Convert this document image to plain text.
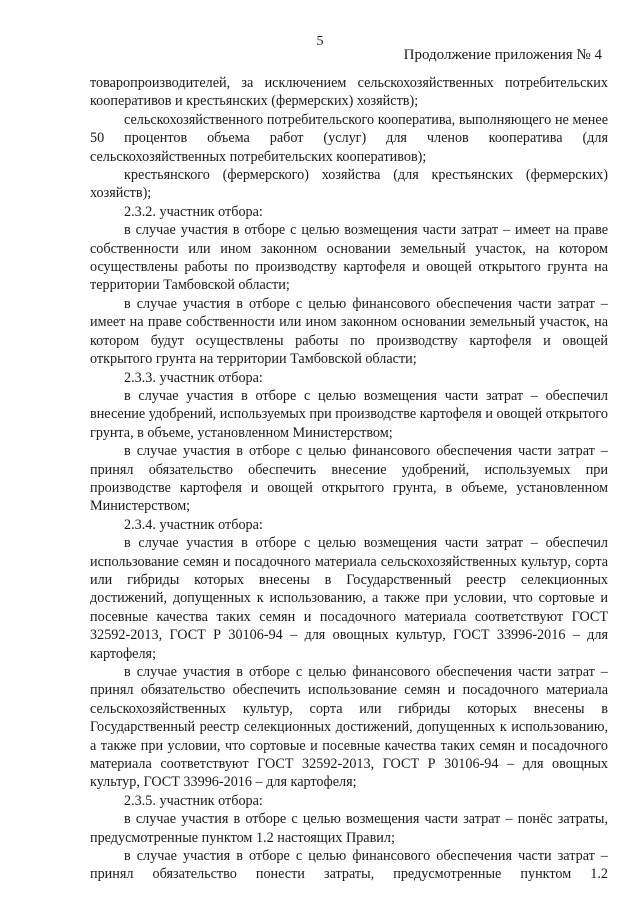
5
Продолжение приложения № 4

товаропроизводителей, за исключением сельскохозяйственных потребительских кооперативов и крестьянских (фермерских) хозяйств);

сельскохозяйственного потребительского кооператива, выполняющего не менее 50 процентов объема работ (услуг) для членов кооператива (для сельскохозяйственных потребительских кооперативов);

крестьянского (фермерского) хозяйства (для крестьянских (фермерских) хозяйств);

2.3.2. участник отбора:

в случае участия в отборе с целью возмещения части затрат – имеет на праве собственности или ином законном основании земельный участок, на котором осуществлены работы по производству картофеля и овощей открытого грунта на территории Тамбовской области;

в случае участия в отборе с целью финансового обеспечения части затрат – имеет на праве собственности или ином законном основании земельный участок, на котором будут осуществлены работы по производству картофеля и овощей открытого грунта на территории Тамбовской области;

2.3.3. участник отбора:

в случае участия в отборе с целью возмещения части затрат – обеспечил внесение удобрений, используемых при производстве картофеля и овощей открытого грунта, в объеме, установленном Министерством;

в случае участия в отборе с целью финансового обеспечения части затрат – принял обязательство обеспечить внесение удобрений, используемых при производстве картофеля и овощей открытого грунта, в объеме, установленном Министерством;

2.3.4. участник отбора:

в случае участия в отборе с целью возмещения части затрат – обеспечил использование семян и посадочного материала сельскохозяйственных культур, сорта или гибриды которых внесены в Государственный реестр селекционных достижений, допущенных к использованию, а также при условии, что сортовые и посевные качества таких семян и посадочного материала соответствуют ГОСТ 32592-2013, ГОСТ Р 30106-94 – для овощных культур, ГОСТ 33996-2016 – для картофеля;

в случае участия в отборе с целью финансового обеспечения части затрат – принял обязательство обеспечить использование семян и посадочного материала сельскохозяйственных культур, сорта или гибриды которых внесены в Государственный реестр селекционных достижений, допущенных к использованию, а также при условии, что сортовые и посевные качества таких семян и посадочного материала соответствуют ГОСТ 32592-2013, ГОСТ Р 30106-94 – для овощных культур, ГОСТ 33996-2016 – для картофеля;

2.3.5. участник отбора:

в случае участия в отборе с целью возмещения части затрат – понёс затраты, предусмотренные пунктом 1.2 настоящих Правил;

в случае участия в отборе с целью финансового обеспечения части затрат – принял обязательство понести затраты, предусмотренные пунктом 1.2
